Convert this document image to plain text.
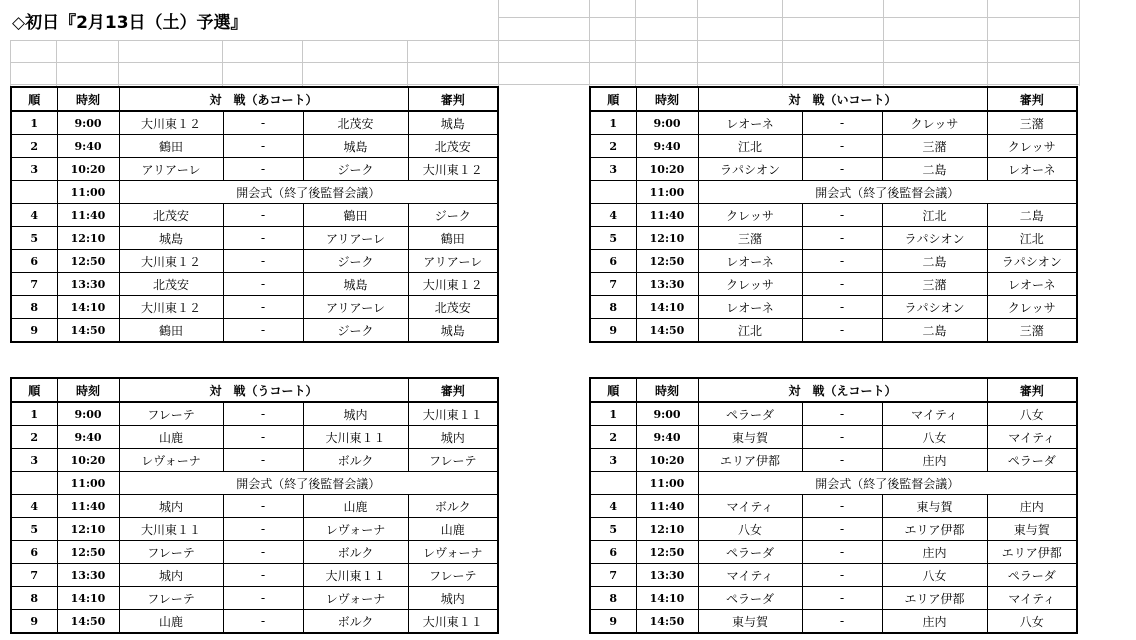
◇初日『2月13日（土）予選』
順	時刻	対　戦（あコート）			審判
1	9:00	大川東１２	-	北茂安	城島
2	9:40	鶴田	-	城島	北茂安
3	10:20	アリアーレ	-	ジーク	大川東１２
	11:00	開会式（終了後監督会議）			
4	11:40	北茂安	-	鶴田	ジーク
5	12:10	城島	-	アリアーレ	鶴田
6	12:50	大川東１２	-	ジーク	アリアーレ
7	13:30	北茂安	-	城島	大川東１２
8	14:10	大川東１２	-	アリアーレ	北茂安
9	14:50	鶴田	-	ジーク	城島
順	時刻	対　戦（いコート）			審判
1	9:00	レオーネ	-	クレッサ	三潴
2	9:40	江北	-	三潴	クレッサ
3	10:20	ラパシオン	-	二島	レオーネ
	11:00	開会式（終了後監督会議）			
4	11:40	クレッサ	-	江北	二島
5	12:10	三潴	-	ラパシオン	江北
6	12:50	レオーネ	-	二島	ラパシオン
7	13:30	クレッサ	-	三潴	レオーネ
8	14:10	レオーネ	-	ラパシオン	クレッサ
9	14:50	江北	-	二島	三潴
順	時刻	対　戦（うコート）			審判
1	9:00	フレーテ	-	城内	大川東１１
2	9:40	山鹿	-	大川東１１	城内
3	10:20	レヴォーナ	-	ボルク	フレーテ
	11:00	開会式（終了後監督会議）			
4	11:40	城内	-	山鹿	ボルク
5	12:10	大川東１１	-	レヴォーナ	山鹿
6	12:50	フレーテ	-	ボルク	レヴォーナ
7	13:30	城内	-	大川東１１	フレーテ
8	14:10	フレーテ	-	レヴォーナ	城内
9	14:50	山鹿	-	ボルク	大川東１１
順	時刻	対　戦（えコート）			審判
1	9:00	ペラーダ	-	マイティ	八女
2	9:40	東与賀	-	八女	マイティ
3	10:20	エリア伊都	-	庄内	ペラーダ
	11:00	開会式（終了後監督会議）			
4	11:40	マイティ	-	東与賀	庄内
5	12:10	八女	-	エリア伊都	東与賀
6	12:50	ペラーダ	-	庄内	エリア伊都
7	13:30	マイティ	-	八女	ペラーダ
8	14:10	ペラーダ	-	エリア伊都	マイティ
9	14:50	東与賀	-	庄内	八女
